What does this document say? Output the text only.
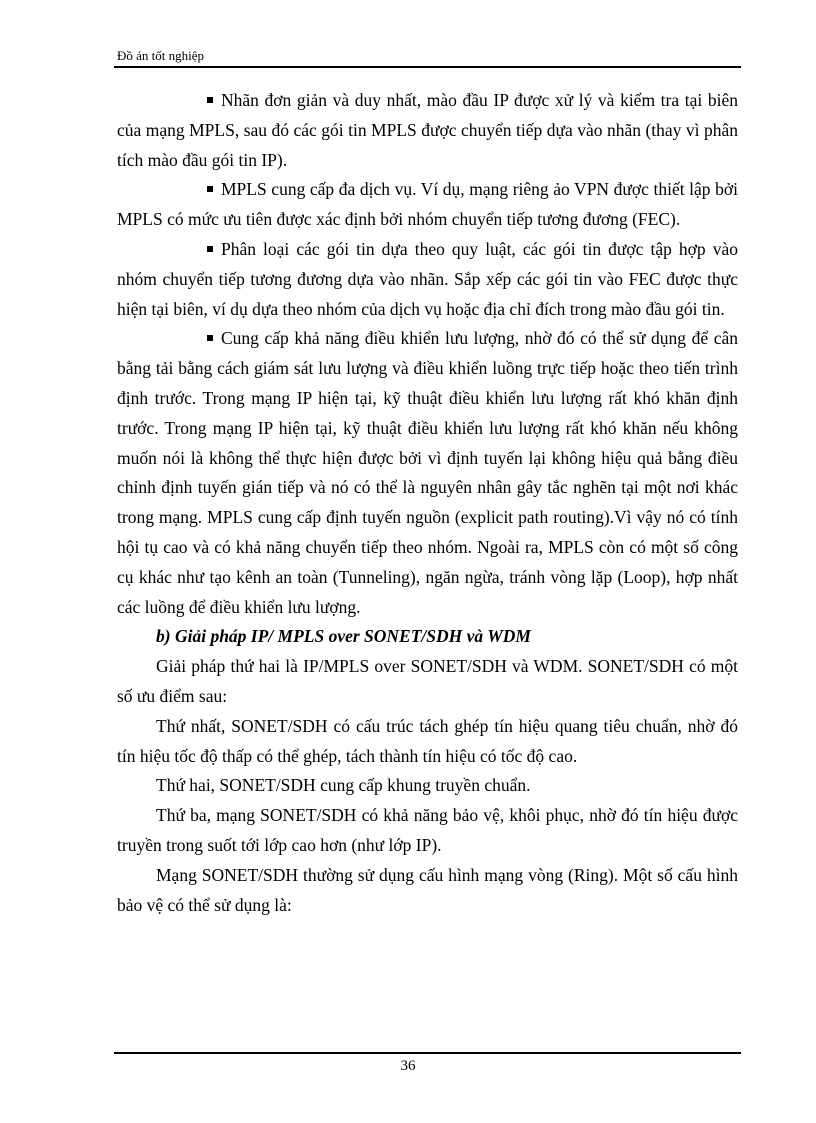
Đồ án tốt nghiệp

Nhãn đơn giản và duy nhất, mào đầu IP được xử lý và kiểm tra tại biên của mạng MPLS, sau đó các gói tin MPLS được chuyển tiếp dựa vào nhãn (thay vì phân tích mào đầu gói tin IP).

MPLS cung cấp đa dịch vụ. Ví dụ, mạng riêng ảo VPN được thiết lập bởi MPLS có mức ưu tiên được xác định bởi nhóm chuyển tiếp tương đương (FEC).

Phân loại các gói tin dựa theo quy luật, các gói tin được tập hợp vào nhóm chuyển tiếp tương đương dựa vào nhãn. Sắp xếp các gói tin vào FEC được thực hiện tại biên, ví dụ dựa theo nhóm của dịch vụ hoặc địa chỉ đích trong mào đầu gói tin.

Cung cấp khả năng điều khiển lưu lượng, nhờ đó có thể sử dụng để cân bằng tải bằng cách giám sát lưu lượng và điều khiển luồng trực tiếp hoặc theo tiến trình định trước. Trong mạng IP hiện tại, kỹ thuật điều khiển lưu lượng rất khó khăn định trước. Trong mạng IP hiện tại, kỹ thuật điều khiển lưu lượng rất khó khăn nếu không muốn nói là không thể thực hiện được bởi vì định tuyến lại không hiệu quả bằng điều chỉnh định tuyến gián tiếp và nó có thể là nguyên nhân gây tắc nghẽn tại một nơi khác trong mạng. MPLS cung cấp định tuyến nguồn (explicit path routing).Vì vậy nó có tính hội tụ cao và có khả năng chuyển tiếp theo nhóm. Ngoài ra, MPLS còn có một số công cụ khác như tạo kênh an toàn (Tunneling), ngăn ngừa, tránh vòng lặp (Loop), hợp nhất các luồng để điều khiển lưu lượng.

b) Giải pháp IP/ MPLS over SONET/SDH và WDM

Giải pháp thứ hai là IP/MPLS over SONET/SDH và WDM. SONET/SDH có một số ưu điểm sau:

Thứ nhất, SONET/SDH có cấu trúc tách ghép tín hiệu quang tiêu chuẩn, nhờ đó tín hiệu tốc độ thấp có thể ghép, tách thành tín hiệu có tốc độ cao.

Thứ hai, SONET/SDH cung cấp khung truyền chuẩn.

Thứ ba, mạng SONET/SDH có khả năng bảo vệ, khôi phục, nhờ đó tín hiệu được truyền trong suốt tới lớp cao hơn (như lớp IP).

Mạng SONET/SDH thường sử dụng cấu hình mạng vòng (Ring). Một số cấu hình bảo vệ có thể sử dụng là:

36
